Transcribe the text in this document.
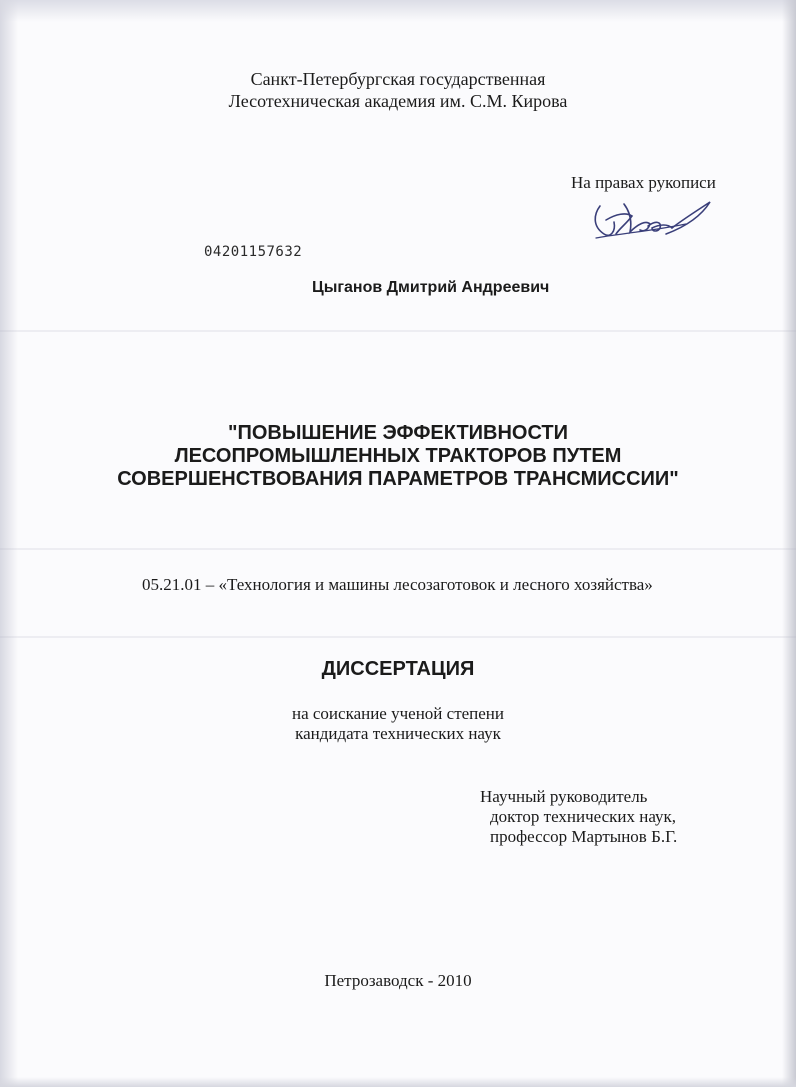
Санкт-Петербургская государственная
Лесотехническая академия им. С.М. Кирова

На правах рукописи

04201157632

Цыганов Дмитрий Андреевич

"ПОВЫШЕНИЕ ЭФФЕКТИВНОСТИ
ЛЕСОПРОМЫШЛЕННЫХ ТРАКТОРОВ ПУТЕМ
СОВЕРШЕНСТВОВАНИЯ ПАРАМЕТРОВ ТРАНСМИССИИ"

05.21.01 – «Технология и машины лесозаготовок и лесного хозяйства»

ДИССЕРТАЦИЯ

на соискание ученой степени
кандидата технических наук
Научный руководитель
доктор технических наук,
профессор Мартынов Б.Г.

Петрозаводск - 2010
